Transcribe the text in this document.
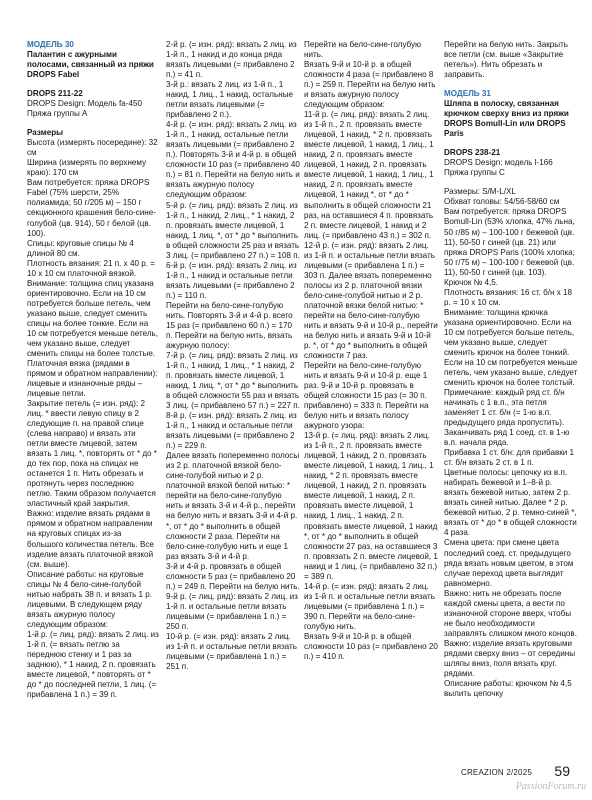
МОДЕЛЬ 30

Палантин с ажурными полосами, связанный из пряжи DROPS Fabel

DROPS 211-22

DROPS Design: Модель fa-450

Пряжа группы A

Размеры

Высота (измерять посередине): 32 см

Ширина (измерять по верхнему краю): 170 см

Вам потребуется: пряжа DROPS Fabel (75% шерсти, 25% полиамида; 50 г/205 м) – 150 г секционного крашения бело-сине-голубой (цв. 914), 50 г белой (цв. 100).

Спицы: круговые спицы № 4 длиной 80 см.

Плотность вязания: 21 п. х 40 р. = 10 х 10 см платочной вязкой.

Внимание: толщина спиц указана ориентировочно. Если на 10 см потребуется больше петель, чем указано выше, следует сменить спицы на более тонкие. Если на 10 см потребуется меньше петель, чем указано выше, следует сменить спицы на более толстые.

Платочная вязка (рядами в прямом и обратном направлении): лицевые и изнаночные ряды – лицевые петли.

Закрытие петель (= изн. ряд): 2 лиц. * ввести левую спицу в 2 следующие п. на правой спице (слева направо) и вязать эти петли вместе лицевой, затем вязать 1 лиц. *, повторять от * до * до тех пор, пока на спицах не останется 1 п. Нить обрезать и протянуть через последнюю петлю. Таким образом получается эластичный край закрытия.

Важно: изделие вязать рядами в прямом и обратном направлении на круговых спицах из-за большого количества петель. Все изделие вязать платочной вязкой (см. выше).

Описание работы: на круговые спицы № 4 бело-сине-голубой нитью набрать 38 п. и вязать 1 р. лицевыми. В следующем ряду вязать ажурную полосу следующим образом:

1-й р. (= лиц. ряд): вязать 2 лиц. из 1-й п. (= вязать петлю за переднюю стенку и 1 раз за заднюю), * 1 накид, 2 п. провязать вместе лицевой, * повторять от * до * до последней петли, 1 лиц. (= прибавлена 1 п.) = 39 п.

2-й р. (= изн. ряд): вязать 2 лиц. из 1-й п., 1 накид и до конца ряда вязать лицевыми (= прибавлено 2 п.) = 41 п.

3-й р.: вязать 2 лиц. из 1-й п., 1 накид, 1 лиц., 1 накид, остальные петли вязать лицевыми (= прибавлено 2 п.).

4-й р. (= изн. ряд): вязать 2 лиц. из 1-й п., 1 накид, остальные петли вязать лицевыми (= прибавлено 2 п.). Повторять 3-й и 4-й р. в общей сложности 10 раз (= прибавлено 40 п.) = 81 п. Перейти на белую нить и вязать ажурную полосу следующим образом:

5-й р. (= лиц. ряд): вязать 2 лиц. из 1-й п., 1 накид, 2 лиц., * 1 накид, 2 п. провязать вместе лицевой, 1 накид, 1 лиц. *, от * до * выполнить в общей сложности 25 раз и вязать 3 лиц. (= прибавлено 27 п.) = 108 п.

6-й р. (= изн. ряд): вязать 2 лиц. из 1-й п., 1 накид и остальные петли вязать лицевыми (= прибавлено 2 п.) = 110 п.

Перейти на бело-сине-голубую нить. Повторять 3-й и 4-й р. всего 15 раз (= прибавлено 60 п.) = 170 п. Перейти на белую нить, вязать ажурную полосу:

7-й р. (= лиц. ряд): вязать 2 лиц. из 1-й п., 1 накид, 1 лиц., * 1 накид, 2 п. провязать вместе лицевой, 1 накид, 1 лиц. *, от * до * выполнить в общей сложности 55 раз и вязать 3 лиц. (= прибавлено 57 п.) = 227 п.

8-й р. (= изн. ряд): вязать 2 лиц. из 1-й п., 1 накид и остальные петли вязать лицевыми (= прибавлено 2 п.) = 229 п.

Далее вязать попеременно полосы из 2 р. платочной вязкой бело-сине-голубой нитью и 2 р. платочной вязкой белой нитью: * перейти на бело-сине-голубую нить и вязать 3-й и 4-й р., перейти на белую нить и вязать 3-й и 4-й р. *, от * до * выполнить в общей сложности 2 раза. Перейти на бело-сине-голубую нить и еще 1 раз вязать 3-й и 4-й р.

3-й и 4-й р. провязать в общей сложности 5 раз (= прибавлено 20 п.) = 249 п. Перейти на белую нить.

9-й р. (= лиц. ряд): вязать 2 лиц. из 1-й п. и остальные петли вязать лицевыми (= прибавлена 1 п.) = 250 п.

10-й р. (= изн. ряд): вязать 2 лиц. из 1-й п. и остальные петли вязать лицевыми (= прибавлена 1 п.) = 251 п.

Перейти на бело-сине-голубую нить.

Вязать 9-й и 10-й р. в общей сложности 4 раза (= прибавлено 8 п.) = 259 п. Перейти на белую нить и вязать ажурную полосу следующим образом:

11-й р. (= лиц. ряд): вязать 2 лиц. из 1-й п., 2 п. провязать вместе лицевой, 1 накид, * 2 п. провязать вместе лицевой, 1 накид, 1 лиц., 1 накид, 2 п. провязать вместе лицевой, 1 накид, 2 п. провязать вместе лицевой, 1 накид, 1 лиц., 1 накид, 2 п. провязать вместе лицевой, 1 накид *, от * до * выполнить в общей сложности 21 раз, на оставшиеся 4 п. провязать 2 п. вместе лицевой, 1 накид и 2 лиц. (= прибавлено 43 п.) = 302 п.

12-й р. (= изн. ряд): вязать 2 лиц. из 1-й п. и остальные петли вязать лицевыми (= прибавлена 1 п.) = 303 п. Далее вязать попеременно полосы из 2 р. платочной вязки бело-сине-голубой нитью и 2 р. платочной вязки белой нитью: * перейти на бело-сине-голубую нить и вязать 9-й и 10-й р., перейти на белую нить и вязать 9-й и 10-й р. *, от * до * выполнить в общей сложности 7 раз.

Перейти на бело-сине-голубую нить и вязать 9-й и 10-й р. еще 1 раз. 9-й и 10-й р. провязать в общей сложности 15 раз (= 30 п. прибавлено) = 333 п. Перейти на белую нить и вязать полосу ажурного узора:

13-й р. (= лиц. ряд): вязать 2 лиц. из 1-й п., 2 п. провязать вместе лицевой, 1 накид, 2 п. провязать вместе лицевой, 1 накид, 1 лиц., 1 накид, * 2 п. провязать вместе лицевой, 1 накид, 2 п. провязать вместе лицевой, 1 накид, 2 п. провязать вместе лицевой, 1 накид, 1 лиц., 1 накид, 2 п. провязать вместе лицевой, 1 накид *, от * до * выполнить в общей сложности 27 раз, на оставшиеся 3 п. провязать 2 п. вместе лицевой, 1 накид и 1 лиц. (= прибавлено 32 п.) = 389 п.

14-й р. (= изн. ряд): вязать 2 лиц. из 1-й п. и остальные петли вязать лицевыми (= прибавлена 1 п.) = 390 п. Перейти на бело-сине-голубую нить.

Вязать 9-й и 10-й р. в общей сложности 10 раз (= прибавлено 20 п.) = 410 п.

Перейти на белую нить. Закрыть все петли (см. выше «Закрытие петель»). Нить обрезать и заправить.

МОДЕЛЬ 31

Шляпа в полоску, связанная крючком сверху вниз из пряжи DROPS Bomull-Lin или DROPS Paris

DROPS 238-21

DROPS Design: модель l-166

Пряжа группы C

Размеры: S/M-L/XL

Обхват головы: 54/56-58/60 см

Вам потребуется: пряжа DROPS Bomull-Lin (53% хлопка, 47% льна, 50 г/85 м) – 100-100 г бежевой (цв. 11), 50-50 г синей (цв. 21) или пряжа DROPS Paris (100% хлопка; 50 г/75 м) – 100-100 г бежевой (цв. 11), 50-50 г синей (цв. 103).

Крючок № 4,5.

Плотность вязания: 16 ст. б/н х 18 р. = 10 х 10 см.

Внимание: толщина крючка указана ориентировочно. Если на 10 см потребуется больше петель, чем указано выше, следует сменить крючок на более тонкий. Если на 10 см потребуется меньше петель, чем указано выше, следует сменить крючок на более толстый.

Примечание: каждый ряд ст. б/н начинать с 1 в.п., эта петля заменяет 1 ст. б/н (= 1-ю в.п. предыдущего ряда пропустить). Заканчивать ряд 1 соед. ст. в 1-ю в.п. начала ряда.

Прибавка 1 ст. б/н: для прибавки 1 ст. б/н вязать 2 ст. в 1 п.

Цветные полосы: цепочку из в.п. набирать бежевой и 1–8-й р. вязать бежевой нитью, затем 2 р. вязать синей нитью. Далее * 2 р. бежевой нитью, 2 р. темно-синей *, вязать от * до * в общей сложности 4 раза.

Смена цвета: при смене цвета последний соед. ст. предыдущего ряда вязать новым цветом, в этом случае переход цвета выглядит равномерно.

Важно: нить не обрезать после каждой смены цвета, а вести по изнаночной стороне вверх, чтобы не было необходимости заправлять слишком много концов.

Важно: изделие вязать круговыми рядами сверху вниз – от середины шляпы вниз, поля вязать круг. рядами.

Описание работы: крючком № 4,5 вылить цепочку

CREAZION 2/2025 59
PassionForum.ru
